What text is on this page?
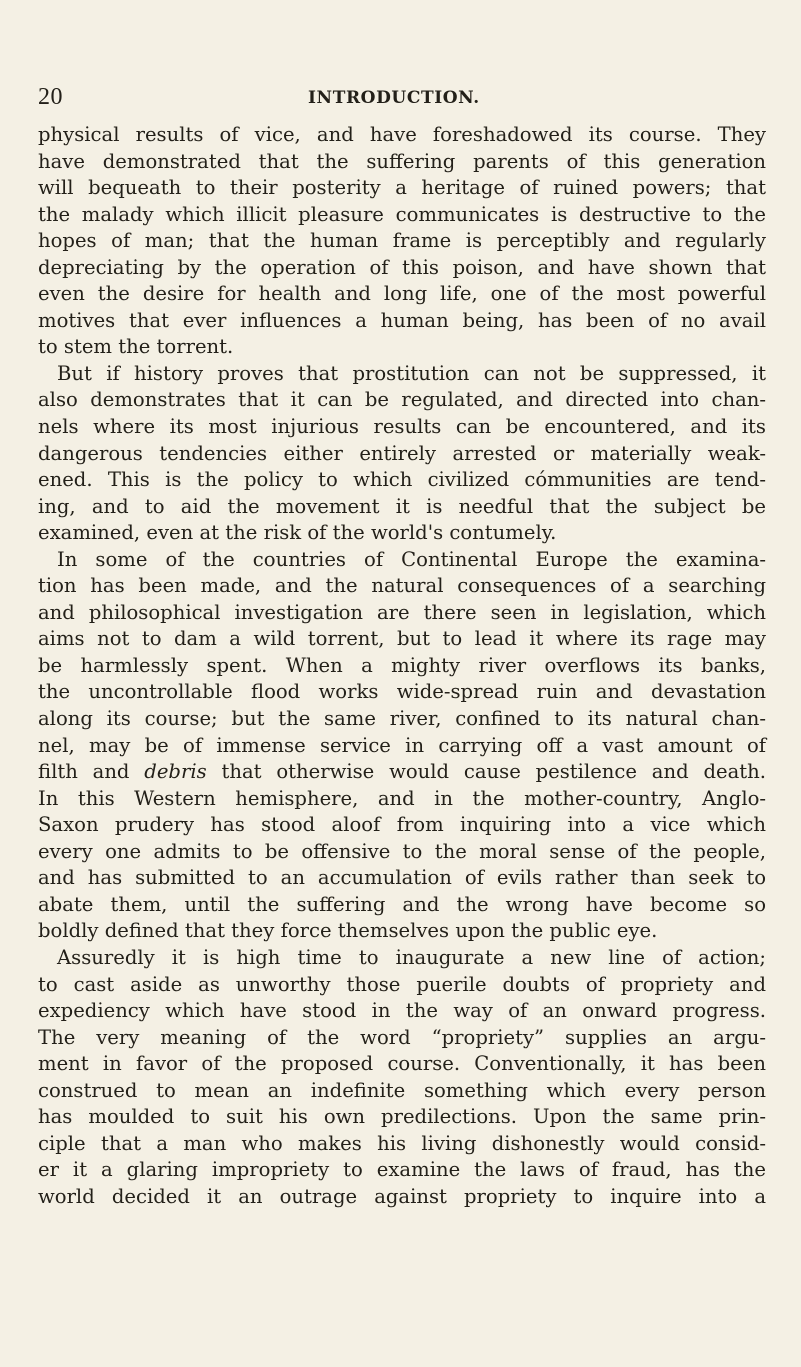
20	INTRODUCTION.
physical results of vice, and have foreshadowed its course. They
have demonstrated that the suffering parents of this generation
will bequeath to their posterity a heritage of ruined powers; that
the malady which illicit pleasure communicates is destructive to the
hopes of man; that the human frame is perceptibly and regularly
depreciating by the operation of this poison, and have shown that
even the desire for health and long life, one of the most powerful
motives that ever influences a human being, has been of no avail
to stem the torrent.
But if history proves that prostitution can not be suppressed, it
also demonstrates that it can be regulated, and directed into chan-
nels where its most injurious results can be encountered, and its
dangerous tendencies either entirely arrested or materially weak-
ened. This is the policy to which civilized cómmunities are tend-
ing, and to aid the movement it is needful that the subject be
examined, even at the risk of the world's contumely.
In some of the countries of Continental Europe the examina-
tion has been made, and the natural consequences of a searching
and philosophical investigation are there seen in legislation, which
aims not to dam a wild torrent, but to lead it where its rage may
be harmlessly spent. When a mighty river overflows its banks,
the uncontrollable flood works wide-spread ruin and devastation
along its course; but the same river, confined to its natural chan-
nel, may be of immense service in carrying off a vast amount of
filth and debris that otherwise would cause pestilence and death.
In this Western hemisphere, and in the mother-country, Anglo-
Saxon prudery has stood aloof from inquiring into a vice which
every one admits to be offensive to the moral sense of the people,
and has submitted to an accumulation of evils rather than seek to
abate them, until the suffering and the wrong have become so
boldly defined that they force themselves upon the public eye.
Assuredly it is high time to inaugurate a new line of action;
to cast aside as unworthy those puerile doubts of propriety and
expediency which have stood in the way of an onward progress.
The very meaning of the word “propriety” supplies an argu-
ment in favor of the proposed course. Conventionally, it has been
construed to mean an indefinite something which every person
has moulded to suit his own predilections. Upon the same prin-
ciple that a man who makes his living dishonestly would consid-
er it a glaring impropriety to examine the laws of fraud, has the
world decided it an outrage against propriety to inquire into a
